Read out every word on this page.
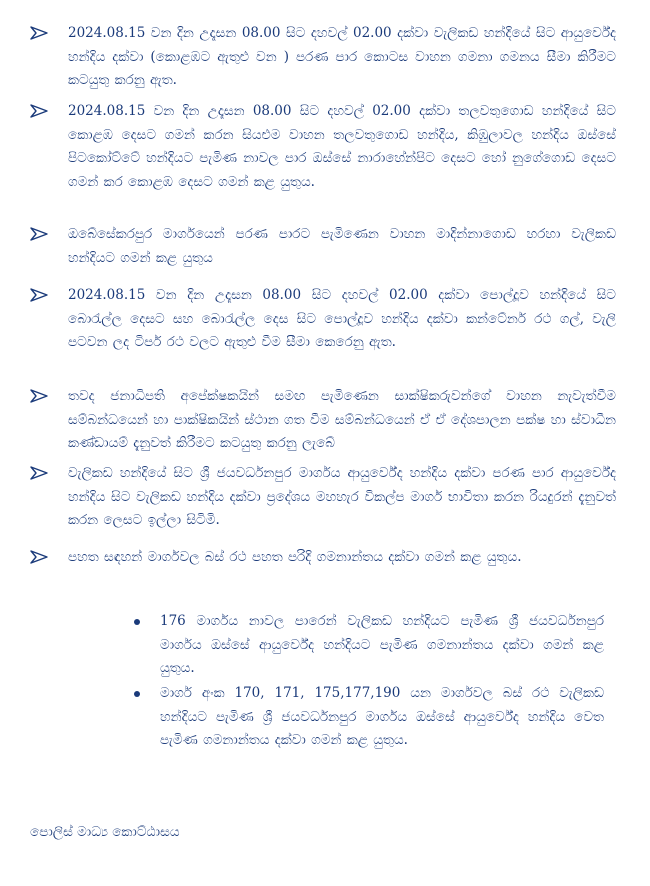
2024.08.15 වන දින උදෑසන 08.00 සිට දහවල් 02.00 දක්වා වැලිකඩ හන්දියේ සිට ආයුර්වේද හන්දිය දක්වා (කොළඹට ඇතුළු වන ) පරණ පාර කොටස වාහන ගමනා ගමනය සීමා කිරීමට කටයුතු කරනු ඇත.
2024.08.15 වන දින උදෑසන 08.00 සිට දහවල් 02.00 දක්වා තලවතුගොඩ හන්දියේ සිට කොළඹ දෙසට ගමන් කරන සියළුම වාහන තලවතුගොඩ හන්දිය, කිඹුලාවල හන්දිය ඔස්සේ පිටකෝට්ටේ හන්දියට පැමිණ නාවල පාර ඔස්සේ නාරාහේන්පිට දෙසට හෝ නුගේගොඩ දෙසට ගමන් කර කොළඹ දෙසට ගමන් කළ යුතුය.
ඔබේසේකරපුර මාර්ගයෙන් පරණ පාරට පැමිණෙන වාහන මාදින්නාගොඩ හරහා වැලිකඩ හන්දියට ගමන් කළ යුතුය
2024.08.15 වන දින උදෑසන 08.00 සිට දහවල් 02.00 දක්වා පොල්දූව හන්දියේ සිට බොරැල්ල දෙසට සහ බොරැල්ල දෙස සිට පොල්දූව හන්දිය දක්වා කන්ටේනර් රථ ගල්, වැලි පටවන ලද ටිපර් රථ වලට ඇතුළු වීම සීමා කෙරෙනු ඇත.
තවද ජනාධිපති අපේක්ෂකයින් සමඟ පැමිණෙන සාක්ෂිකරුවන්ගේ වාහන නැවැත්වීම සම්බන්ධයෙන් හා පාක්ෂිකයින් ස්ථාන ගත වීම සම්බන්ධයෙන් ඒ ඒ දේශපාලන පක්ෂ හා ස්වාධීන කණ්ඩායම් දැනුවත් කිරීමට කටයුතු කරනු ලැබේ
වැලිකඩ හන්දියේ සිට ශ්‍රී ජයවර්ධනපුර මාර්ගය ආයුර්වේද හන්දිය දක්වා පරණ පාර ආයුර්වේද හන්දිය සිට වැලිකඩ හන්දිය දක්වා ප්‍රදේශය මහහැර විකල්ප මාර්ග භාවිතා කරන රියදුරන් දැනුවත් කරන ලෙසට ඉල්ලා සිටිමි.
පහත සඳහන් මාර්ගවල බස් රථ පහත පරිදි ගමනාන්තය දක්වා ගමන් කළ යුතුය.
176 මාර්ගය නාවල පාරෙන් වැලිකඩ හන්දියට පැමිණ ශ්‍රී ජයවර්ධනපුර මාර්ගය ඔස්සේ ආයුර්වේද හන්දියට පැමිණ ගමනාන්තය දක්වා ගමන් කළ යුතුය.
මාර්ග අංක 170, 171, 175,177,190 යන මාර්ගවල බස් රථ වැලිකඩ හන්දියට පැමිණ ශ්‍රී ජයවර්ධනපුර මාර්ගය ඔස්සේ ආයුර්වේද හන්දිය වෙත පැමිණ ගමනාන්තය දක්වා ගමන් කළ යුතුය.
පොලිස් මාධ්‍ය කොට්ඨාසය
